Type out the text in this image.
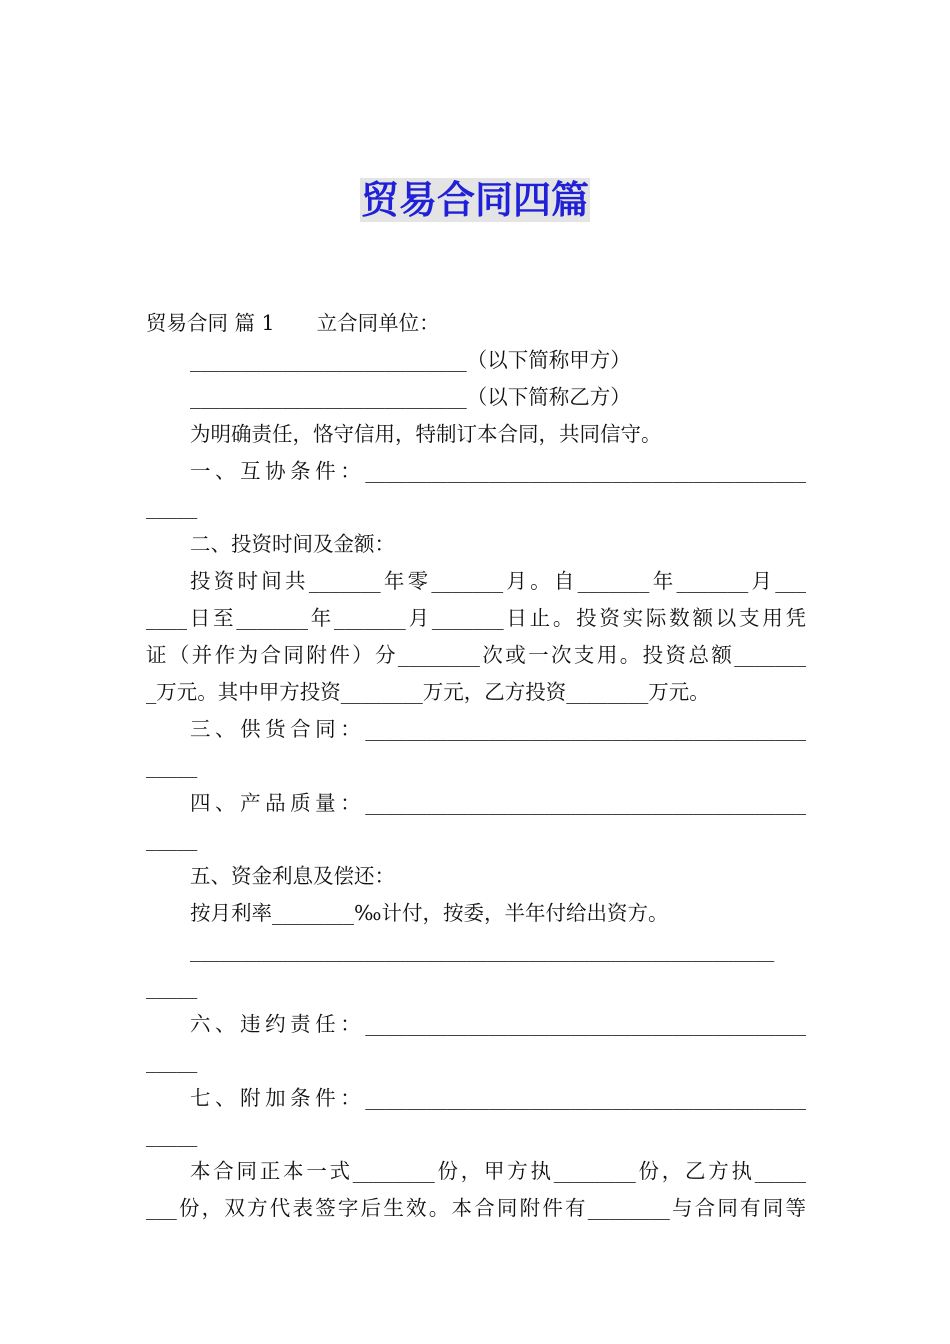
贸易合同四篇
贸易合同 篇 1 立合同单位：
___________________________（以下简称甲方）
___________________________（以下简称乙方）
为明确责任，恪守信用，特制订本合同，共同信守。
一、互协条件：___________________________________________
_____
二、投资时间及金额：
投资时间共_______年零_______月。自_______年_______月___
____日至_______年_______月_______日止。投资实际数额以支用凭
证（并作为合同附件）分________次或一次支用。投资总额_______
_万元。其中甲方投资________万元，乙方投资________万元。
三、供货合同：___________________________________________
_____
四、产品质量：___________________________________________
_____
五、资金利息及偿还：
按月利率________‰计付，按委，半年付给出资方。
_________________________________________________________
_____
六、违约责任：___________________________________________
_____
七、附加条件：___________________________________________
_____
本合同正本一式________份，甲方执________份，乙方执_____
___份，双方代表签字后生效。本合同附件有________与合同有同等
